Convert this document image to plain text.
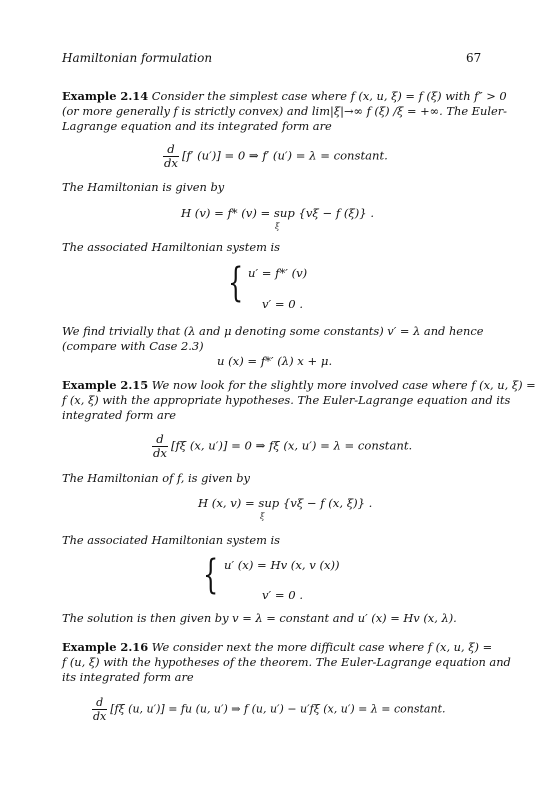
Hamiltonian formulation	67
Example 2.14 Consider the simplest case where f (x, u, ξ) = f (ξ) with f″ > 0
(or more generally f is strictly convex) and lim|ξ|→∞ f (ξ) /ξ = +∞. The Euler-
Lagrange equation and its integrated form are
$\frac{d}{dx} [f'$ (u′)] = 0 ⇒ f′ (u′) = λ = constant.
The Hamiltonian is given by
H (v) = f* (v) = sup {vξ − f (ξ)} .
ξ
The associated Hamiltonian system is
{ u′ = f*′ (v)
v′ = 0 .
We find trivially that (λ and μ denoting some constants) v′ = λ and hence
(compare with Case 2.3)
u (x) = f*′ (λ) x + μ.
Example 2.15 We now look for the slightly more involved case where f (x, u, ξ) =
f (x, ξ) with the appropriate hypotheses. The Euler-Lagrange equation and its
integrated form are
$\frac{d}{dx} [f\xi$ (x, u′)] = 0 ⇒ fξ (x, u′) = λ = constant.
The Hamiltonian of f, is given by
H (x, v) = sup {vξ − f (x, ξ)} .
ξ
The associated Hamiltonian system is
{ u′ (x) = Hv (x, v (x))
v′ = 0 .
The solution is then given by v = λ = constant and u′ (x) = Hv (x, λ).
Example 2.16 We consider next the more difficult case where f (x, u, ξ) =
f (u, ξ) with the hypotheses of the theorem. The Euler-Lagrange equation and
its integrated form are
$\frac{d}{dx} [f\xi$ (u, u′)] = fu (u, u′) ⇒ f (u, u′) − u′fξ (x, u′) = λ = constant.
